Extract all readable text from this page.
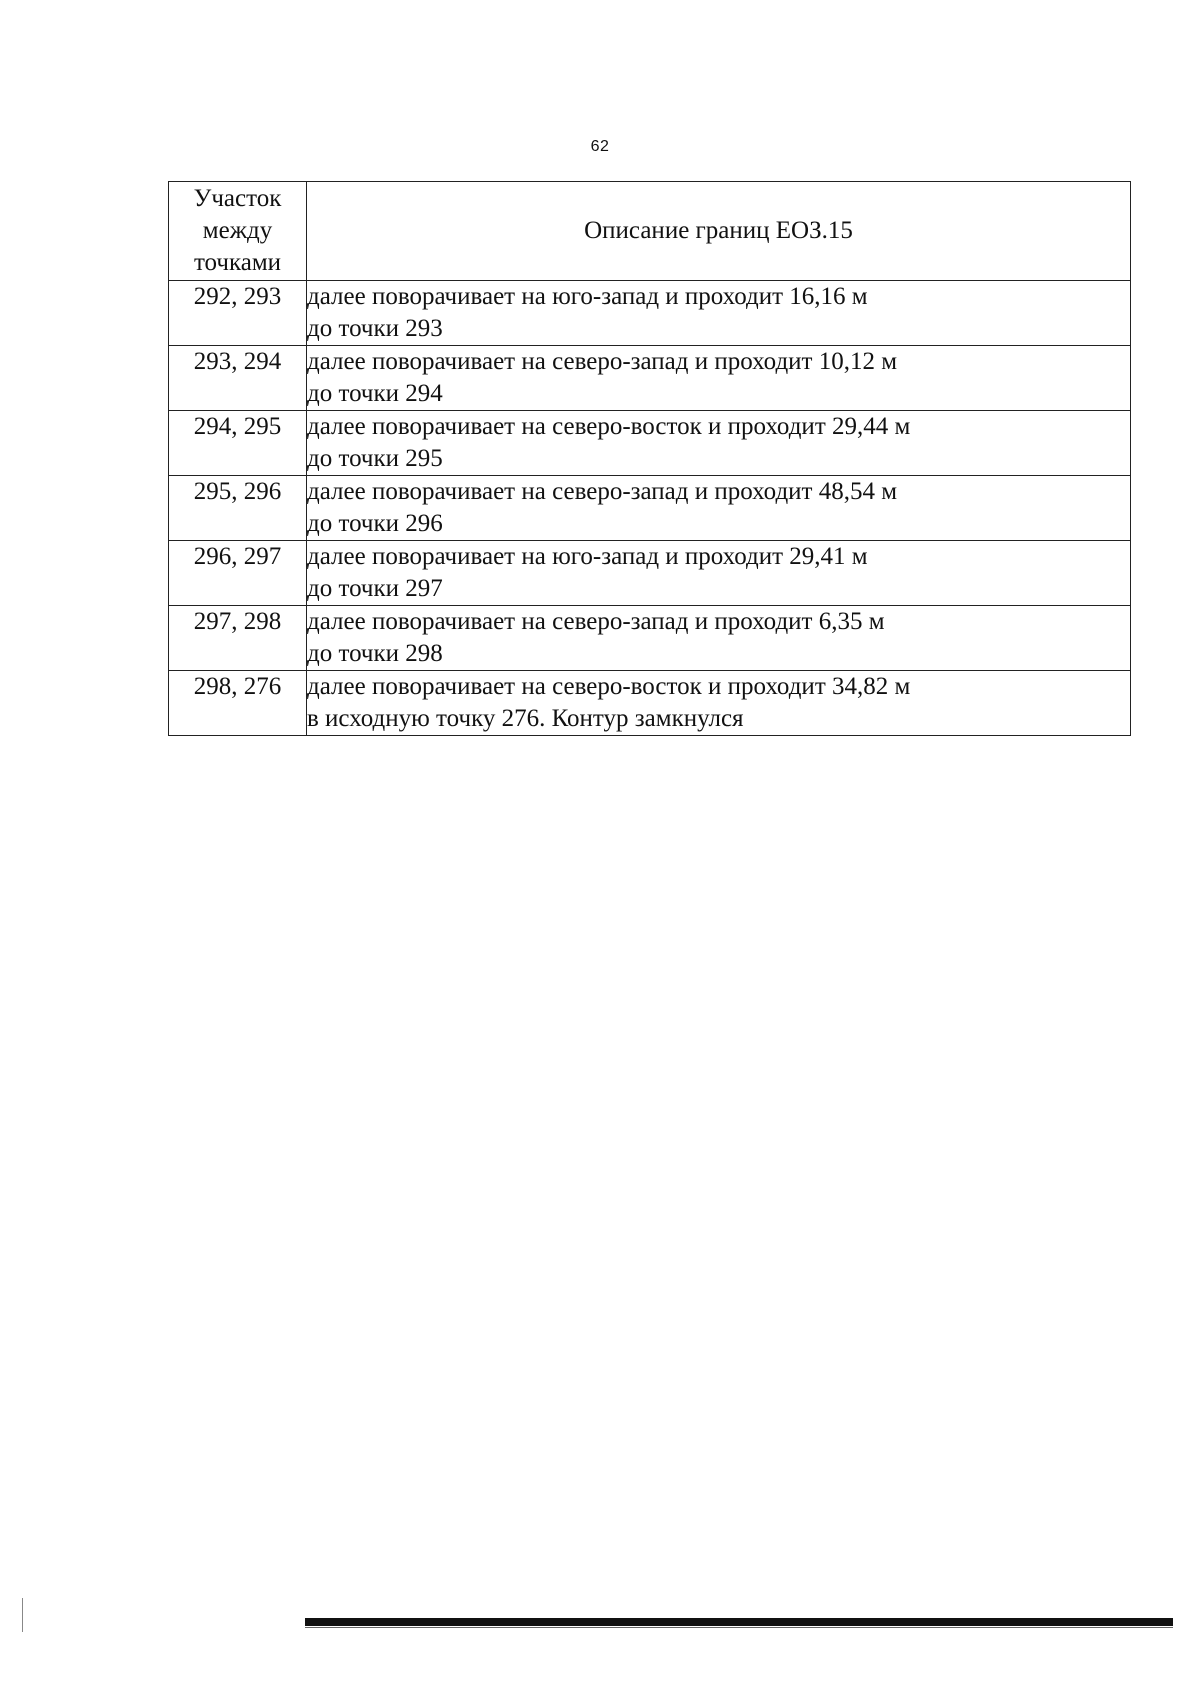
62
Участок
между
точками	Описание границ ЕОЗ.15
292, 293	далее поворачивает на юго-запад и проходит 16,16 м
до точки 293

293, 294	далее поворачивает на северо-запад и проходит 10,12 м
до точки 294

294, 295	далее поворачивает на северо-восток и проходит 29,44 м
до точки 295

295, 296	далее поворачивает на северо-запад и проходит 48,54 м
до точки 296

296, 297	далее поворачивает на юго-запад и проходит 29,41 м
до точки 297

297, 298	далее поворачивает на северо-запад и проходит 6,35 м
до точки 298

298, 276	далее поворачивает на северо-восток и проходит 34,82 м
в исходную точку 276. Контур замкнулся
